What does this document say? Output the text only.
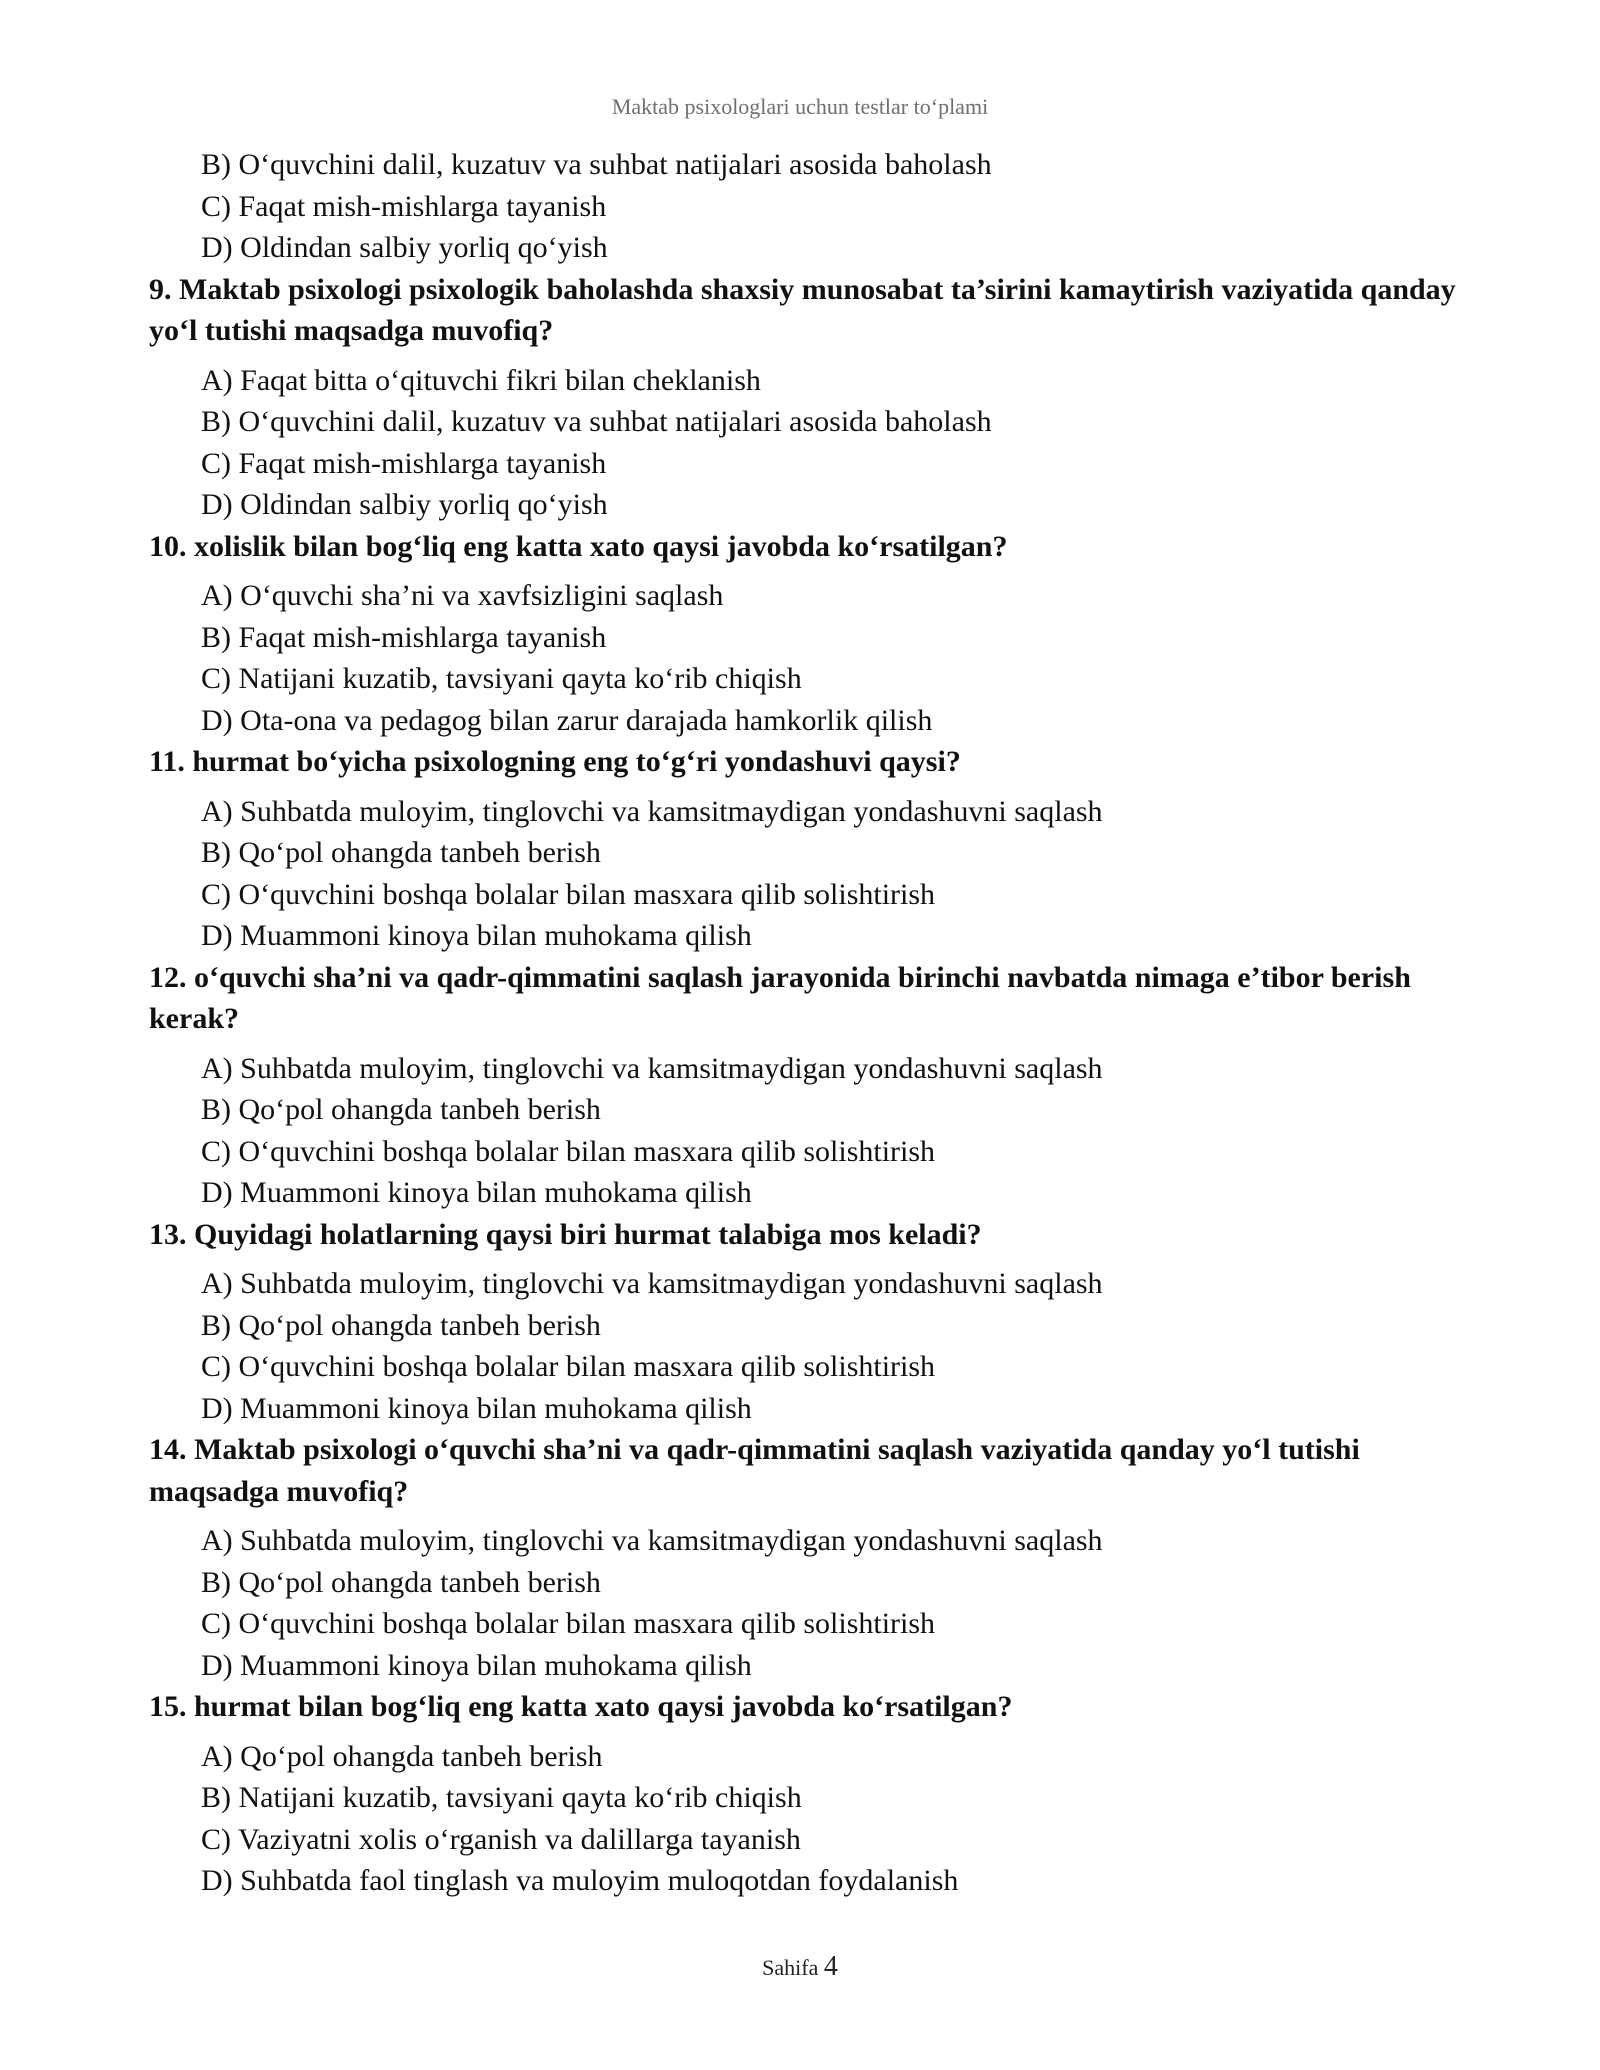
Maktab psixologlari uchun testlar to‘plami
B) O‘quvchini dalil, kuzatuv va suhbat natijalari asosida baholash
C) Faqat mish-mishlarga tayanish
D) Oldindan salbiy yorliq qo‘yish
9. Maktab psixologi psixologik baholashda shaxsiy munosabat ta’sirini kamaytirish vaziyatida qanday yo‘l tutishi maqsadga muvofiq?
A) Faqat bitta o‘qituvchi fikri bilan cheklanish
B) O‘quvchini dalil, kuzatuv va suhbat natijalari asosida baholash
C) Faqat mish-mishlarga tayanish
D) Oldindan salbiy yorliq qo‘yish
10. xolislik bilan bog‘liq eng katta xato qaysi javobda ko‘rsatilgan?
A) O‘quvchi sha’ni va xavfsizligini saqlash
B) Faqat mish-mishlarga tayanish
C) Natijani kuzatib, tavsiyani qayta ko‘rib chiqish
D) Ota-ona va pedagog bilan zarur darajada hamkorlik qilish
11. hurmat bo‘yicha psixologning eng to‘g‘ri yondashuvi qaysi?
A) Suhbatda muloyim, tinglovchi va kamsitmaydigan yondashuvni saqlash
B) Qo‘pol ohangda tanbeh berish
C) O‘quvchini boshqa bolalar bilan masxara qilib solishtirish
D) Muammoni kinoya bilan muhokama qilish
12. o‘quvchi sha’ni va qadr-qimmatini saqlash jarayonida birinchi navbatda nimaga e’tibor berish kerak?
A) Suhbatda muloyim, tinglovchi va kamsitmaydigan yondashuvni saqlash
B) Qo‘pol ohangda tanbeh berish
C) O‘quvchini boshqa bolalar bilan masxara qilib solishtirish
D) Muammoni kinoya bilan muhokama qilish
13. Quyidagi holatlarning qaysi biri hurmat talabiga mos keladi?
A) Suhbatda muloyim, tinglovchi va kamsitmaydigan yondashuvni saqlash
B) Qo‘pol ohangda tanbeh berish
C) O‘quvchini boshqa bolalar bilan masxara qilib solishtirish
D) Muammoni kinoya bilan muhokama qilish
14. Maktab psixologi o‘quvchi sha’ni va qadr-qimmatini saqlash vaziyatida qanday yo‘l tutishi maqsadga muvofiq?
A) Suhbatda muloyim, tinglovchi va kamsitmaydigan yondashuvni saqlash
B) Qo‘pol ohangda tanbeh berish
C) O‘quvchini boshqa bolalar bilan masxara qilib solishtirish
D) Muammoni kinoya bilan muhokama qilish
15. hurmat bilan bog‘liq eng katta xato qaysi javobda ko‘rsatilgan?
A) Qo‘pol ohangda tanbeh berish
B) Natijani kuzatib, tavsiyani qayta ko‘rib chiqish
C) Vaziyatni xolis o‘rganish va dalillarga tayanish
D) Suhbatda faol tinglash va muloyim muloqotdan foydalanish
Sahifa 4
